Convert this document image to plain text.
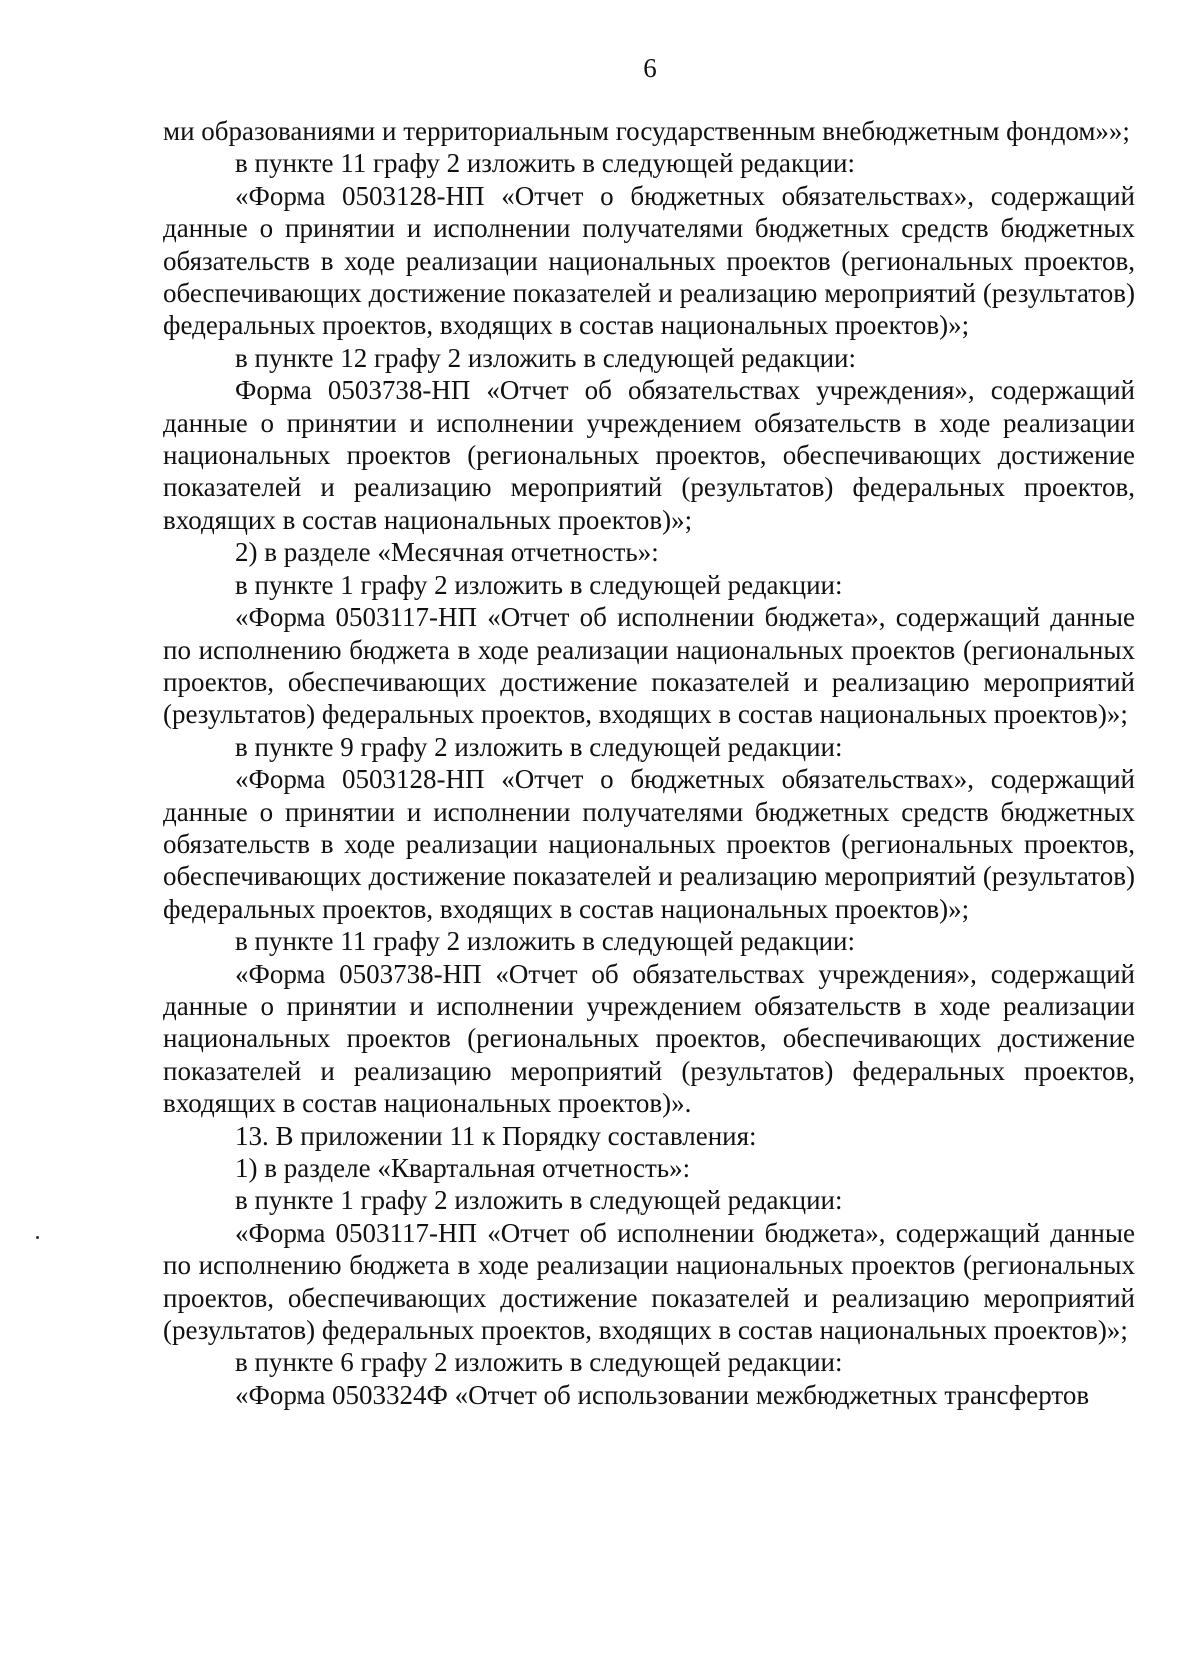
6

ми образованиями и территориальным государственным внебюджетным фондом»»;

в пункте 11 графу 2 изложить в следующей редакции:

«Форма 0503128-НП «Отчет о бюджетных обязательствах», содержащий данные о принятии и исполнении получателями бюджетных средств бюджетных обязательств в ходе реализации национальных проектов (региональных проектов, обеспечивающих достижение показателей и реализацию мероприятий (результатов) федеральных проектов, входящих в состав национальных проектов)»;

в пункте 12 графу 2 изложить в следующей редакции:

Форма 0503738-НП «Отчет об обязательствах учреждения», содержащий данные о принятии и исполнении учреждением обязательств в ходе реализации национальных проектов (региональных проектов, обеспечивающих достижение показателей и реализацию мероприятий (результатов) федеральных проектов, входящих в состав национальных проектов)»;

2) в разделе «Месячная отчетность»:

в пункте 1 графу 2 изложить в следующей редакции:

«Форма 0503117-НП «Отчет об исполнении бюджета», содержащий данные по исполнению бюджета в ходе реализации национальных проектов (региональных проектов, обеспечивающих достижение показателей и реализацию мероприятий (результатов) федеральных проектов, входящих в состав национальных проектов)»;

в пункте 9 графу 2 изложить в следующей редакции:

«Форма 0503128-НП «Отчет о бюджетных обязательствах», содержащий данные о принятии и исполнении получателями бюджетных средств бюджетных обязательств в ходе реализации национальных проектов (региональных проектов, обеспечивающих достижение показателей и реализацию мероприятий (результатов) федеральных проектов, входящих в состав национальных проектов)»;

в пункте 11 графу 2 изложить в следующей редакции:

«Форма 0503738-НП «Отчет об обязательствах учреждения», содержащий данные о принятии и исполнении учреждением обязательств в ходе реализации национальных проектов (региональных проектов, обеспечивающих достижение показателей и реализацию мероприятий (результатов) федеральных проектов, входящих в состав национальных проектов)».

13. В приложении 11 к Порядку составления:

1) в разделе «Квартальная отчетность»:

в пункте 1 графу 2 изложить в следующей редакции:

«Форма 0503117-НП «Отчет об исполнении бюджета», содержащий данные по исполнению бюджета в ходе реализации национальных проектов (региональных проектов, обеспечивающих достижение показателей и реализацию мероприятий (результатов) федеральных проектов, входящих в состав национальных проектов)»;

в пункте 6 графу 2 изложить в следующей редакции:

«Форма 0503324Ф «Отчет об использовании межбюджетных трансфертов
